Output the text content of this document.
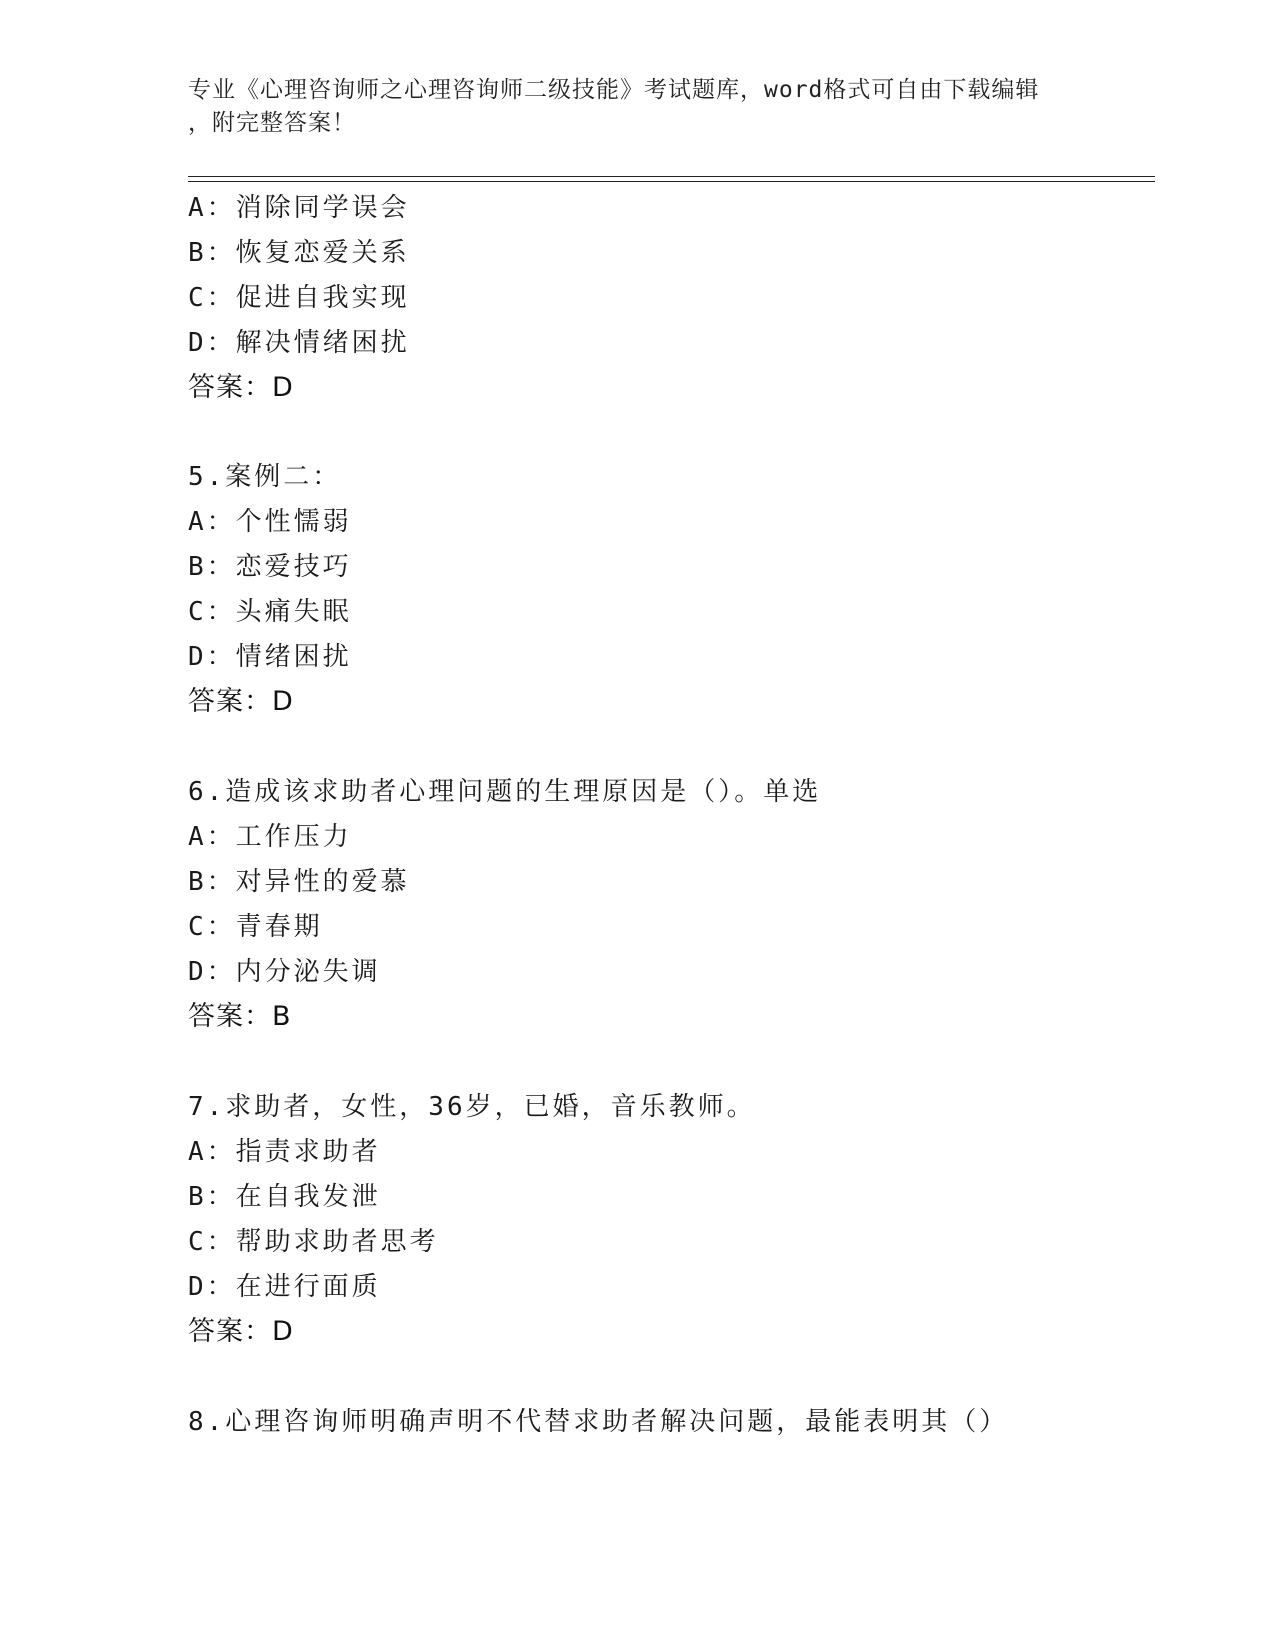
专业《心理咨询师之心理咨询师二级技能》考试题库，word格式可自由下载编辑
，附完整答案！
A：消除同学误会
B：恢复恋爱关系
C：促进自我实现
D：解决情绪困扰
答案：D
5.案例二：
A：个性懦弱
B：恋爱技巧
C：头痛失眠
D：情绪困扰
答案：D
6.造成该求助者心理问题的生理原因是（）。单选
A：工作压力
B：对异性的爱慕
C：青春期
D：内分泌失调
答案：B
7.求助者，女性，36岁，已婚，音乐教师。
A：指责求助者
B：在自我发泄
C：帮助求助者思考
D：在进行面质
答案：D
8.心理咨询师明确声明不代替求助者解决问题，最能表明其（）
